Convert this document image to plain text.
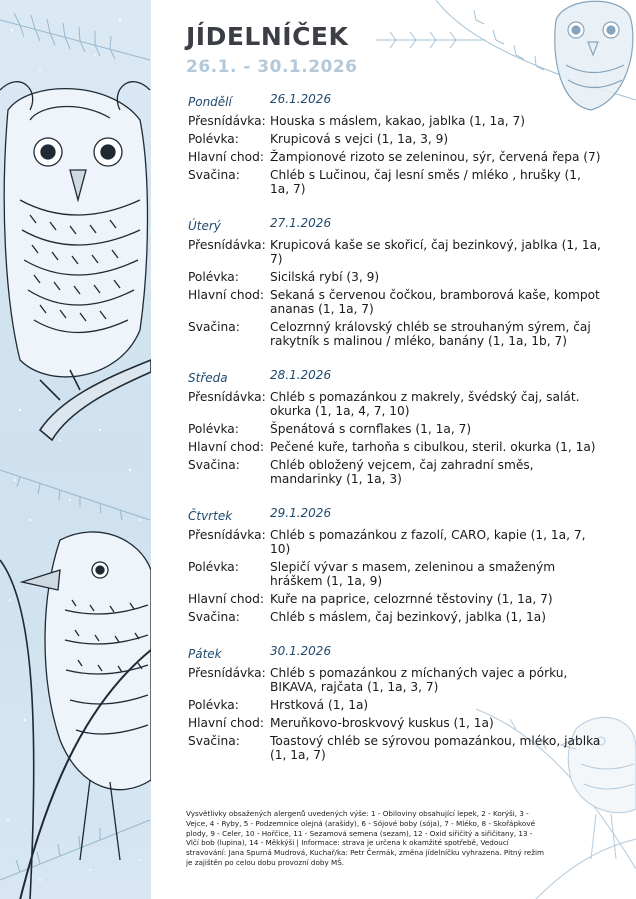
JÍDELNÍČEK
26.1. - 30.1.2026
Pondělí	26.1.2026
Přesnídávka: Houska s máslem, kakao, jablka (1, 1a, 7)
Polévka:	Krupicová s vejci (1, 1a, 3, 9)
Hlavní chod: Žampionové rizoto se zeleninou, sýr, červená řepa (7)
Svačina:	Chléb s Lučinou, čaj lesní směs / mléko , hrušky (1, 1a, 7)
Úterý	27.1.2026
Přesnídávka: Krupicová kaše se skořicí, čaj bezinkový, jablka (1, 1a, 7)
Polévka:	Sicilská rybí (3, 9)
Hlavní chod: Sekaná s červenou čočkou, bramborová kaše, kompot ananas (1, 1a, 7)
Svačina:	Celozrnný královský chléb se strouhaným sýrem, čaj rakytník s malinou / mléko, banány (1, 1a, 1b, 7)
Středa	28.1.2026
Přesnídávka: Chléb s pomazánkou z makrely, švédský čaj, salát. okurka (1, 1a, 4, 7, 10)
Polévka:	Špenátová s cornflakes (1, 1a, 7)
Hlavní chod: Pečené kuře, tarhoňa s cibulkou, steril. okurka (1, 1a)
Svačina:	Chléb obložený vejcem, čaj zahradní směs, mandarinky (1, 1a, 3)
Čtvrtek	29.1.2026
Přesnídávka: Chléb s pomazánkou z fazolí, CARO, kapie (1, 1a, 7, 10)
Polévka:	Slepičí vývar s masem, zeleninou a smaženým hráškem (1, 1a, 9)
Hlavní chod: Kuře na paprice, celozrnné těstoviny (1, 1a, 7)
Svačina:	Chléb s máslem, čaj bezinkový, jablka (1, 1a)
Pátek	30.1.2026
Přesnídávka: Chléb s pomazánkou z míchaných vajec a pórku, BIKAVA, rajčata (1, 1a, 3, 7)
Polévka:	Hrstková (1, 1a)
Hlavní chod: Meruňkovo-broskvový kuskus (1, 1a)
Svačina:	Toastový chléb se sýrovou pomazánkou, mléko, jablka (1, 1a, 7)
Vysvětlivky obsažených alergenů uvedených výše: 1 - Obiloviny obsahující lepek, 2 - Korýši, 3 - Vejce, 4 - Ryby, 5 - Podzemnice olejná (arašídy), 6 - Sójové boby (sója), 7 - Mléko, 8 - Skořápkové plody, 9 - Celer, 10 - Hořčice, 11 - Sezamová semena (sezam), 12 - Oxid siřičitý a siřičitany, 13 - Vlčí bob (lupina), 14 - Měkkýši | Informace: strava je určena k okamžité spotřebě, Vedoucí stravování: Jana Spurná Mudrová, Kuchař/ka: Petr Čermák, změna jídelníčku vyhrazena. Pitný režim je zajištěn po celou dobu provozní doby MŠ.
